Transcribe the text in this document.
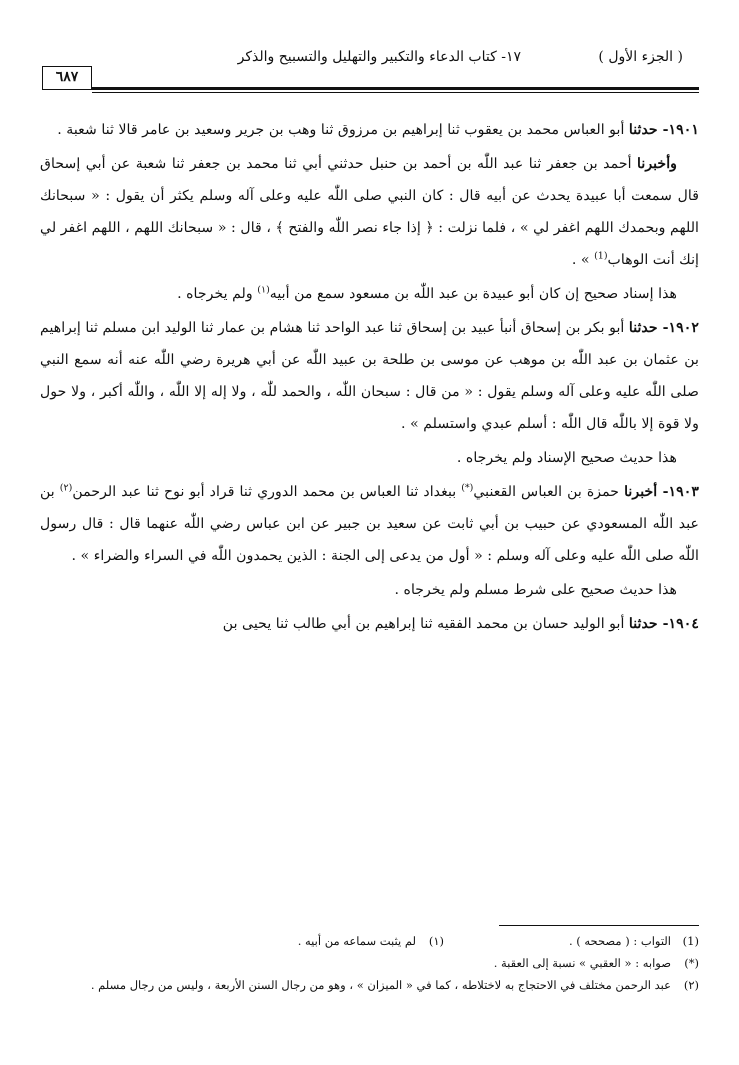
( الجزء الأول )
١٧- كتاب الدعاء والتكبير والتهليل والتسبيح والذكر
٦٨٧

١٩٠١- حدثنا أبو العباس محمد بن يعقوب ثنا إبراهيم بن مرزوق ثنا وهب بن جرير وسعيد بن عامر قالا ثنا شعبة .

وأخبرنا أحمد بن جعفر ثنا عبد اللّٰه بن أحمد بن حنبل حدثني أبي ثنا محمد بن جعفر ثنا شعبة عن أبي إسحاق قال سمعت أبا عبيدة يحدث عن أبيه قال : كان النبي صلى اللّٰه عليه وعلى آله وسلم يكثر أن يقول : « سبحانك اللهم وبحمدك اللهم اغفر لي » ، فلما نزلت : ﴿ إذا جاء نصر اللّٰه والفتح ﴾ ، قال : « سبحانك اللهم ، اللهم اغفر لي إنك أنت الوهاب$^{(1)}$ » .

هذا إسناد صحيح إن كان أبو عبيدة بن عبد اللّٰه بن مسعود سمع من أبيه$^{(١)}$ ولم يخرجاه .

١٩٠٢- حدثنا أبو بكر بن إسحاق أنبأ عبيد بن إسحاق ثنا عبد الواحد ثنا هشام بن عمار ثنا الوليد ابن مسلم ثنا إبراهيم بن عثمان بن عبد اللّٰه بن موهب عن موسى بن طلحة بن عبيد اللّٰه عن أبي هريرة رضي اللّٰه عنه أنه سمع النبي صلى اللّٰه عليه وعلى آله وسلم يقول : « من قال : سبحان اللّٰه ، والحمد للّٰه ، ولا إله إلا اللّٰه ، واللّٰه أكبر ، ولا حول ولا قوة إلا باللّٰه قال اللّٰه : أسلم عبدي واستسلم » .

هذا حديث صحيح الإسناد ولم يخرجاه .

١٩٠٣- أخبرنا حمزة بن العباس القعنبي(*) ببغداد ثنا العباس بن محمد الدوري ثنا قراد أبو نوح ثنا عبد الرحمن$^{(٢)}$ بن عبد اللّٰه المسعودي عن حبيب بن أبي ثابت عن سعيد بن جبير عن ابن عباس رضي اللّٰه عنهما قال : قال رسول اللّٰه صلى اللّٰه عليه وعلى آله وسلم : « أول من يدعى إلى الجنة : الذين يحمدون اللّٰه في السراء والضراء » .

هذا حديث صحيح على شرط مسلم ولم يخرجاه .

١٩٠٤- حدثنا أبو الوليد حسان بن محمد الفقيه ثنا إبراهيم بن أبي طالب ثنا يحيى بن

(1)التواب : ( مصححه ) .
(١)لم يثبت سماعه من أبيه .
(*)صوابه : « العقبي » نسبة إلى العقبة .
(٢)عبد الرحمن مختلف في الاحتجاج به لاختلاطه ، كما في « الميزان » ، وهو من رجال السنن الأربعة ، وليس من رجال مسلم .
